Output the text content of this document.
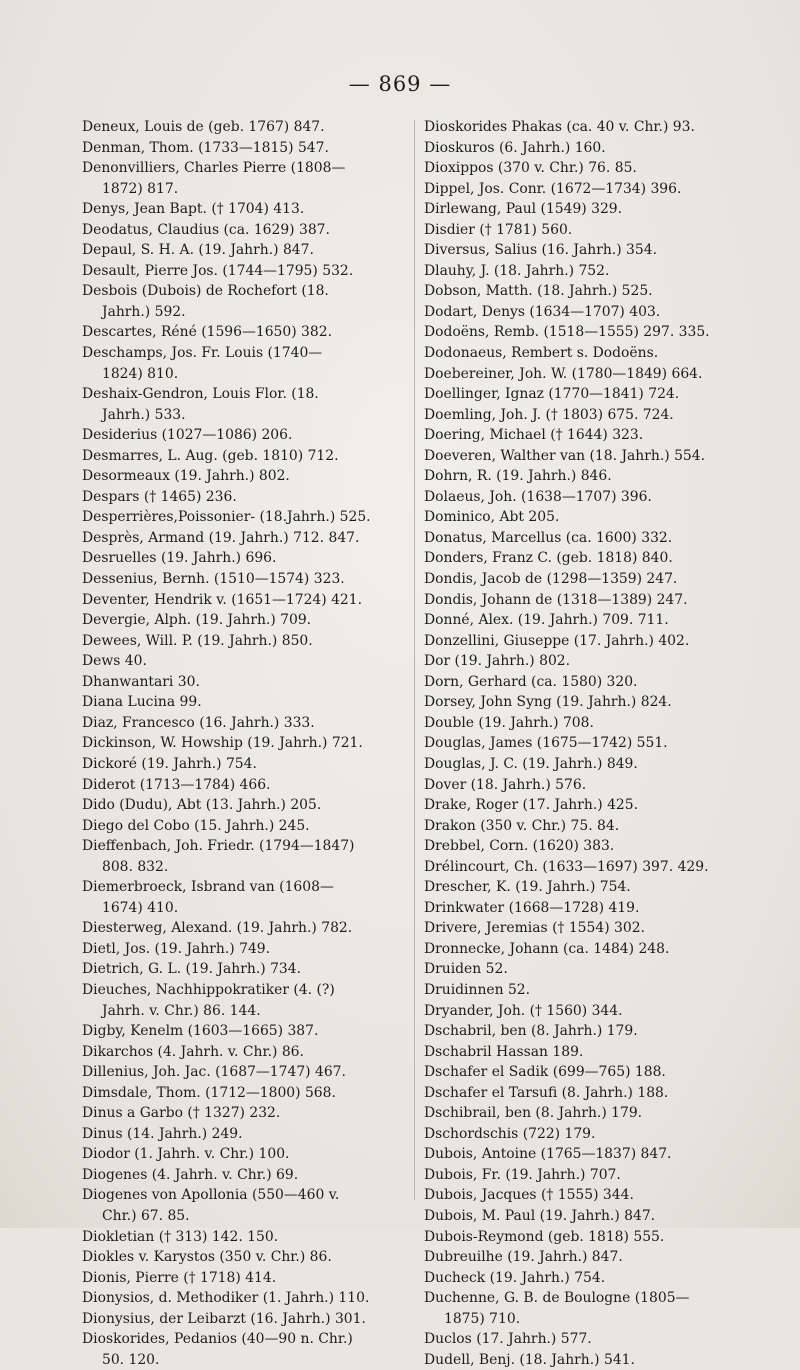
— 869 —
Deneux, Louis de (geb. 1767) 847.
Denman, Thom. (1733—1815) 547.
Denonvilliers, Charles Pierre (1808—
1872) 817.
Denys, Jean Bapt. († 1704) 413.
Deodatus, Claudius (ca. 1629) 387.
Depaul, S. H. A. (19. Jahrh.) 847.
Desault, Pierre Jos. (1744—1795) 532.
Desbois (Dubois) de Rochefort (18.
Jahrh.) 592.
Descartes, Réné (1596—1650) 382.
Deschamps, Jos. Fr. Louis (1740—
1824) 810.
Deshaix-Gendron, Louis Flor. (18.
Jahrh.) 533.
Desiderius (1027—1086) 206.
Desmarres, L. Aug. (geb. 1810) 712.
Desormeaux (19. Jahrh.) 802.
Despars († 1465) 236.
Desperrières,Poissonier- (18.Jahrh.) 525.
Desprès, Armand (19. Jahrh.) 712. 847.
Desruelles (19. Jahrh.) 696.
Dessenius, Bernh. (1510—1574) 323.
Deventer, Hendrik v. (1651—1724) 421.
Devergie, Alph. (19. Jahrh.) 709.
Dewees, Will. P. (19. Jahrh.) 850.
Dews 40.
Dhanwantari 30.
Diana Lucina 99.
Diaz, Francesco (16. Jahrh.) 333.
Dickinson, W. Howship (19. Jahrh.) 721.
Dickoré (19. Jahrh.) 754.
Diderot (1713—1784) 466.
Dido (Dudu), Abt (13. Jahrh.) 205.
Diego del Cobo (15. Jahrh.) 245.
Dieffenbach, Joh. Friedr. (1794—1847)
808. 832.
Diemerbroeck, Isbrand van (1608—
1674) 410.
Diesterweg, Alexand. (19. Jahrh.) 782.
Dietl, Jos. (19. Jahrh.) 749.
Dietrich, G. L. (19. Jahrh.) 734.
Dieuches, Nachhippokratiker (4. (?)
Jahrh. v. Chr.) 86. 144.
Digby, Kenelm (1603—1665) 387.
Dikarchos (4. Jahrh. v. Chr.) 86.
Dillenius, Joh. Jac. (1687—1747) 467.
Dimsdale, Thom. (1712—1800) 568.
Dinus a Garbo († 1327) 232.
Dinus (14. Jahrh.) 249.
Diodor (1. Jahrh. v. Chr.) 100.
Diogenes (4. Jahrh. v. Chr.) 69.
Diogenes von Apollonia (550—460 v.
Chr.) 67. 85.
Diokletian († 313) 142. 150.
Diokles v. Karystos (350 v. Chr.) 86.
Dionis, Pierre († 1718) 414.
Dionysios, d. Methodiker (1. Jahrh.) 110.
Dionysius, der Leibarzt (16. Jahrh.) 301.
Dioskorides, Pedanios (40—90 n. Chr.)
50. 120.
Dioskorides Phakas (ca. 40 v. Chr.) 93.
Dioskuros (6. Jahrh.) 160.
Dioxippos (370 v. Chr.) 76. 85.
Dippel, Jos. Conr. (1672—1734) 396.
Dirlewang, Paul (1549) 329.
Disdier († 1781) 560.
Diversus, Salius (16. Jahrh.) 354.
Dlauhy, J. (18. Jahrh.) 752.
Dobson, Matth. (18. Jahrh.) 525.
Dodart, Denys (1634—1707) 403.
Dodoëns, Remb. (1518—1555) 297. 335.
Dodonaeus, Rembert s. Dodoëns.
Doebereiner, Joh. W. (1780—1849) 664.
Doellinger, Ignaz (1770—1841) 724.
Doemling, Joh. J. († 1803) 675. 724.
Doering, Michael († 1644) 323.
Doeveren, Walther van (18. Jahrh.) 554.
Dohrn, R. (19. Jahrh.) 846.
Dolaeus, Joh. (1638—1707) 396.
Dominico, Abt 205.
Donatus, Marcellus (ca. 1600) 332.
Donders, Franz C. (geb. 1818) 840.
Dondis, Jacob de (1298—1359) 247.
Dondis, Johann de (1318—1389) 247.
Donné, Alex. (19. Jahrh.) 709. 711.
Donzellini, Giuseppe (17. Jahrh.) 402.
Dor (19. Jahrh.) 802.
Dorn, Gerhard (ca. 1580) 320.
Dorsey, John Syng (19. Jahrh.) 824.
Double (19. Jahrh.) 708.
Douglas, James (1675—1742) 551.
Douglas, J. C. (19. Jahrh.) 849.
Dover (18. Jahrh.) 576.
Drake, Roger (17. Jahrh.) 425.
Drakon (350 v. Chr.) 75. 84.
Drebbel, Corn. (1620) 383.
Drélincourt, Ch. (1633—1697) 397. 429.
Drescher, K. (19. Jahrh.) 754.
Drinkwater (1668—1728) 419.
Drivere, Jeremias († 1554) 302.
Dronnecke, Johann (ca. 1484) 248.
Druiden 52.
Druidinnen 52.
Dryander, Joh. († 1560) 344.
Dschabril, ben (8. Jahrh.) 179.
Dschabril Hassan 189.
Dschafer el Sadik (699—765) 188.
Dschafer el Tarsufi (8. Jahrh.) 188.
Dschibrail, ben (8. Jahrh.) 179.
Dschordschis (722) 179.
Dubois, Antoine (1765—1837) 847.
Dubois, Fr. (19. Jahrh.) 707.
Dubois, Jacques († 1555) 344.
Dubois, M. Paul (19. Jahrh.) 847.
Dubois-Reymond (geb. 1818) 555.
Dubreuilhe (19. Jahrh.) 847.
Ducheck (19. Jahrh.) 754.
Duchenne, G. B. de Boulogne (1805—
1875) 710.
Duclos (17. Jahrh.) 577.
Dudell, Benj. (18. Jahrh.) 541.
